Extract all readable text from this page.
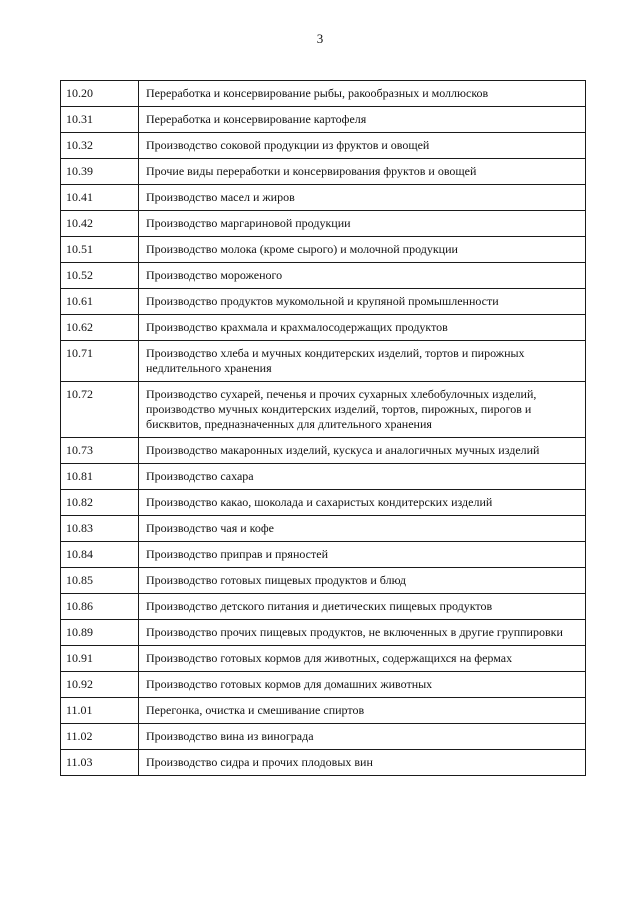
3
10.20	Переработка и консервирование рыбы, ракообразных и моллюсков
10.31	Переработка и консервирование картофеля
10.32	Производство соковой продукции из фруктов и овощей
10.39	Прочие виды переработки и консервирования фруктов и овощей
10.41	Производство масел и жиров
10.42	Производство маргариновой продукции
10.51	Производство молока (кроме сырого) и молочной продукции
10.52	Производство мороженого
10.61	Производство продуктов мукомольной и крупяной промышленности
10.62	Производство крахмала и крахмалосодержащих продуктов
10.71	Производство хлеба и мучных кондитерских изделий, тортов и пирожных недлительного хранения
10.72	Производство сухарей, печенья и прочих сухарных хлебобулочных изделий, производство мучных кондитерских изделий, тортов, пирожных, пирогов и бисквитов, предназначенных для длительного хранения
10.73	Производство макаронных изделий, кускуса и аналогичных мучных изделий
10.81	Производство сахара
10.82	Производство какао, шоколада и сахаристых кондитерских изделий
10.83	Производство чая и кофе
10.84	Производство приправ и пряностей
10.85	Производство готовых пищевых продуктов и блюд
10.86	Производство детского питания и диетических пищевых продуктов
10.89	Производство прочих пищевых продуктов, не включенных в другие группировки
10.91	Производство готовых кормов для животных, содержащихся на фермах
10.92	Производство готовых кормов для домашних животных
11.01	Перегонка, очистка и смешивание спиртов
11.02	Производство вина из винограда
11.03	Производство сидра и прочих плодовых вин
